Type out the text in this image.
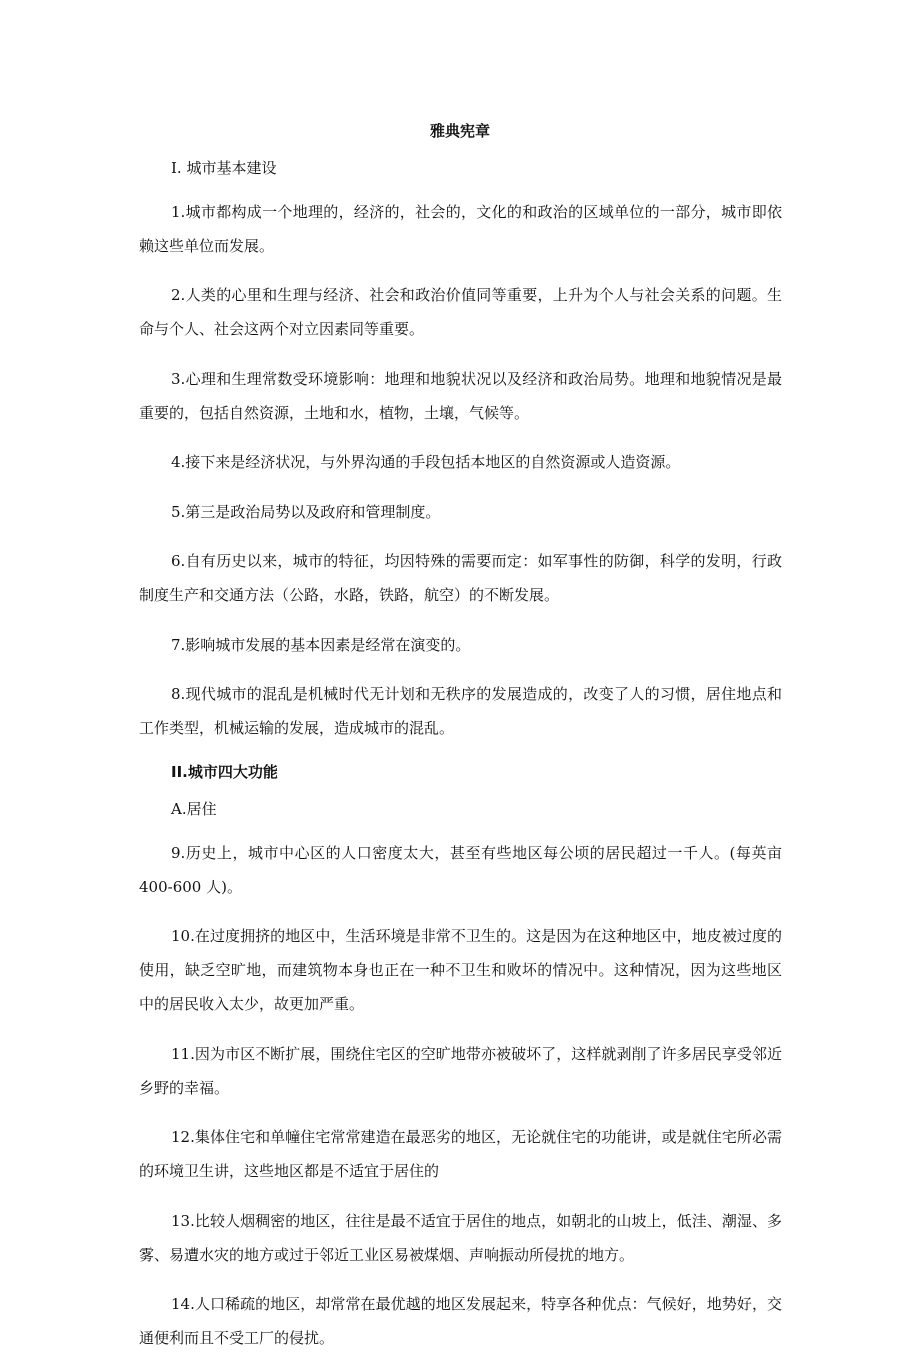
雅典宪章
I. 城市基本建设

1.城市都构成一个地理的，经济的，社会的，文化的和政治的区域单位的一部分，城市即依赖这些单位而发展。

2.人类的心里和生理与经济、社会和政治价值同等重要，上升为个人与社会关系的问题。生命与个人、社会这两个对立因素同等重要。

3.心理和生理常数受环境影响：地理和地貌状况以及经济和政治局势。地理和地貌情况是最重要的，包括自然资源，土地和水，植物，土壤，气候等。

4.接下来是经济状况，与外界沟通的手段包括本地区的自然资源或人造资源。

5.第三是政治局势以及政府和管理制度。

6.自有历史以来，城市的特征，均因特殊的需要而定：如军事性的防御，科学的发明，行政制度生产和交通方法（公路，水路，铁路，航空）的不断发展。

7.影响城市发展的基本因素是经常在演变的。

8.现代城市的混乱是机械时代无计划和无秩序的发展造成的，改变了人的习惯，居住地点和工作类型，机械运输的发展，造成城市的混乱。

II.城市四大功能
A.居住

9.历史上，城市中心区的人口密度太大，甚至有些地区每公顷的居民超过一千人。(每英亩 400-600 人)。

10.在过度拥挤的地区中，生活环境是非常不卫生的。这是因为在这种地区中，地皮被过度的使用，缺乏空旷地，而建筑物本身也正在一种不卫生和败坏的情况中。这种情况，因为这些地区中的居民收入太少，故更加严重。

11.因为市区不断扩展，围绕住宅区的空旷地带亦被破坏了，这样就剥削了许多居民享受邻近乡野的幸福。

12.集体住宅和单幢住宅常常建造在最恶劣的地区，无论就住宅的功能讲，或是就住宅所必需的环境卫生讲，这些地区都是不适宜于居住的

13.比较人烟稠密的地区，往往是最不适宜于居住的地点，如朝北的山坡上，低洼、潮湿、多雾、易遭水灾的地方或过于邻近工业区易被煤烟、声响振动所侵扰的地方。

14.人口稀疏的地区，却常常在最优越的地区发展起来，特享各种优点：气候好，地势好，交通便利而且不受工厂的侵扰。
